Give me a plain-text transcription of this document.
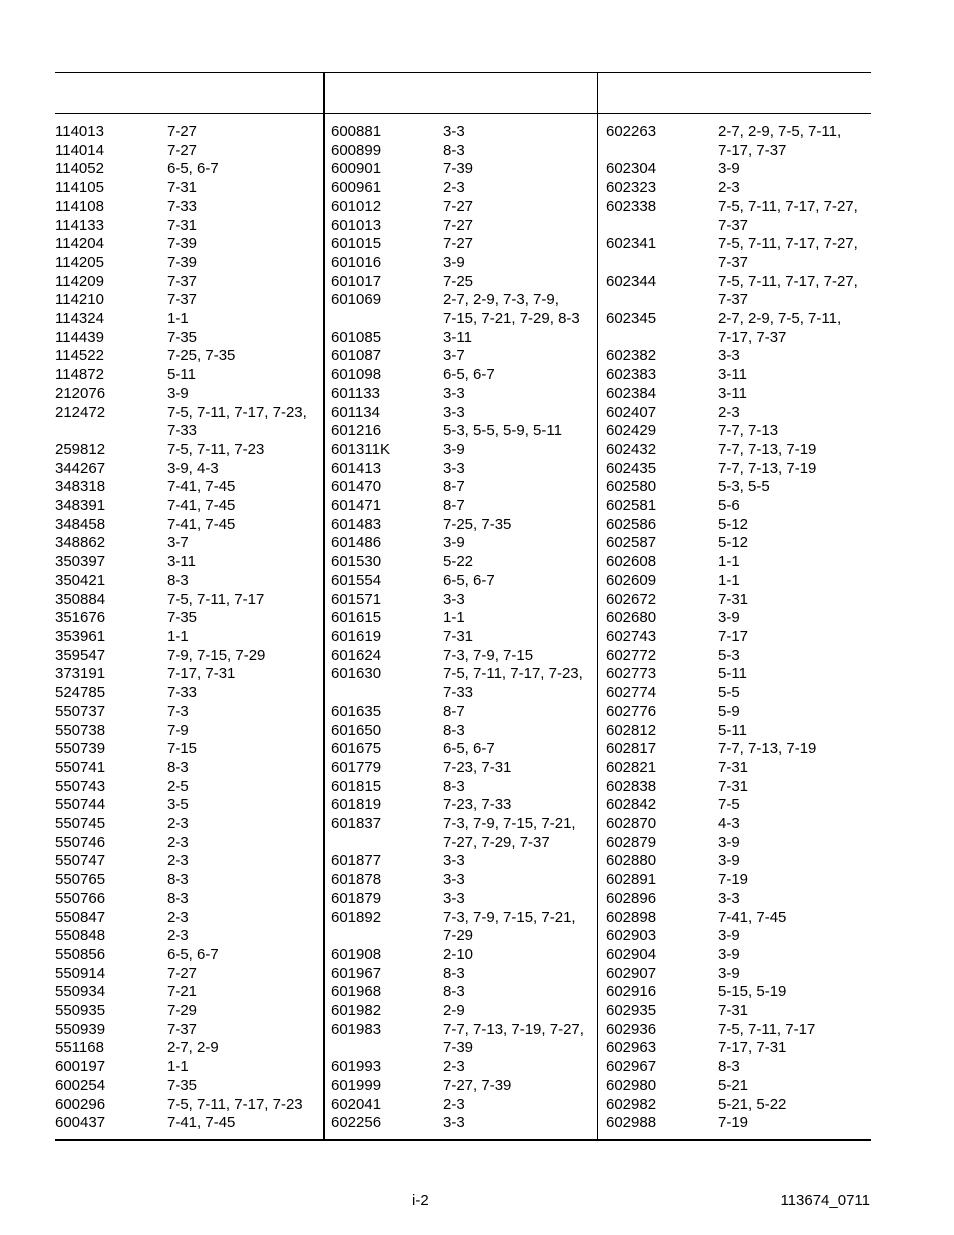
114013	7-27
114014	7-27
114052	6-5, 6-7
114105	7-31
114108	7-33
114133	7-31
114204	7-39
114205	7-39
114209	7-37
114210	7-37
114324	1-1
114439	7-35
114522	7-25, 7-35
114872	5-11
212076	3-9
212472	7-5, 7-11, 7-17, 7-23,
7-33
259812	7-5, 7-11, 7-23
344267	3-9, 4-3
348318	7-41, 7-45
348391	7-41, 7-45
348458	7-41, 7-45
348862	3-7
350397	3-11
350421	8-3
350884	7-5, 7-11, 7-17
351676	7-35
353961	1-1
359547	7-9, 7-15, 7-29
373191	7-17, 7-31
524785	7-33
550737	7-3
550738	7-9
550739	7-15
550741	8-3
550743	2-5
550744	3-5
550745	2-3
550746	2-3
550747	2-3
550765	8-3
550766	8-3
550847	2-3
550848	2-3
550856	6-5, 6-7
550914	7-27
550934	7-21
550935	7-29
550939	7-37
551168	2-7, 2-9
600197	1-1
600254	7-35
600296	7-5, 7-11, 7-17, 7-23
600437	7-41, 7-45
600881	3-3
600899	8-3
600901	7-39
600961	2-3
601012	7-27
601013	7-27
601015	7-27
601016	3-9
601017	7-25
601069	2-7, 2-9, 7-3, 7-9,
7-15, 7-21, 7-29, 8-3
601085	3-11
601087	3-7
601098	6-5, 6-7
601133	3-3
601134	3-3
601216	5-3, 5-5, 5-9, 5-11
601311K	3-9
601413	3-3
601470	8-7
601471	8-7
601483	7-25, 7-35
601486	3-9
601530	5-22
601554	6-5, 6-7
601571	3-3
601615	1-1
601619	7-31
601624	7-3, 7-9, 7-15
601630	7-5, 7-11, 7-17, 7-23,
7-33
601635	8-7
601650	8-3
601675	6-5, 6-7
601779	7-23, 7-31
601815	8-3
601819	7-23, 7-33
601837	7-3, 7-9, 7-15, 7-21,
7-27, 7-29, 7-37
601877	3-3
601878	3-3
601879	3-3
601892	7-3, 7-9, 7-15, 7-21,
7-29
601908	2-10
601967	8-3
601968	8-3
601982	2-9
601983	7-7, 7-13, 7-19, 7-27,
7-39
601993	2-3
601999	7-27, 7-39
602041	2-3
602256	3-3
602263	2-7, 2-9, 7-5, 7-11,
7-17, 7-37
602304	3-9
602323	2-3
602338	7-5, 7-11, 7-17, 7-27,
7-37
602341	7-5, 7-11, 7-17, 7-27,
7-37
602344	7-5, 7-11, 7-17, 7-27,
7-37
602345	2-7, 2-9, 7-5, 7-11,
7-17, 7-37
602382	3-3
602383	3-11
602384	3-11
602407	2-3
602429	7-7, 7-13
602432	7-7, 7-13, 7-19
602435	7-7, 7-13, 7-19
602580	5-3, 5-5
602581	5-6
602586	5-12
602587	5-12
602608	1-1
602609	1-1
602672	7-31
602680	3-9
602743	7-17
602772	5-3
602773	5-11
602774	5-5
602776	5-9
602812	5-11
602817	7-7, 7-13, 7-19
602821	7-31
602838	7-31
602842	7-5
602870	4-3
602879	3-9
602880	3-9
602891	7-19
602896	3-3
602898	7-41, 7-45
602903	3-9
602904	3-9
602907	3-9
602916	5-15, 5-19
602935	7-31
602936	7-5, 7-11, 7-17
602963	7-17, 7-31
602967	8-3
602980	5-21
602982	5-21, 5-22
602988	7-19
i-2	113674_0711
